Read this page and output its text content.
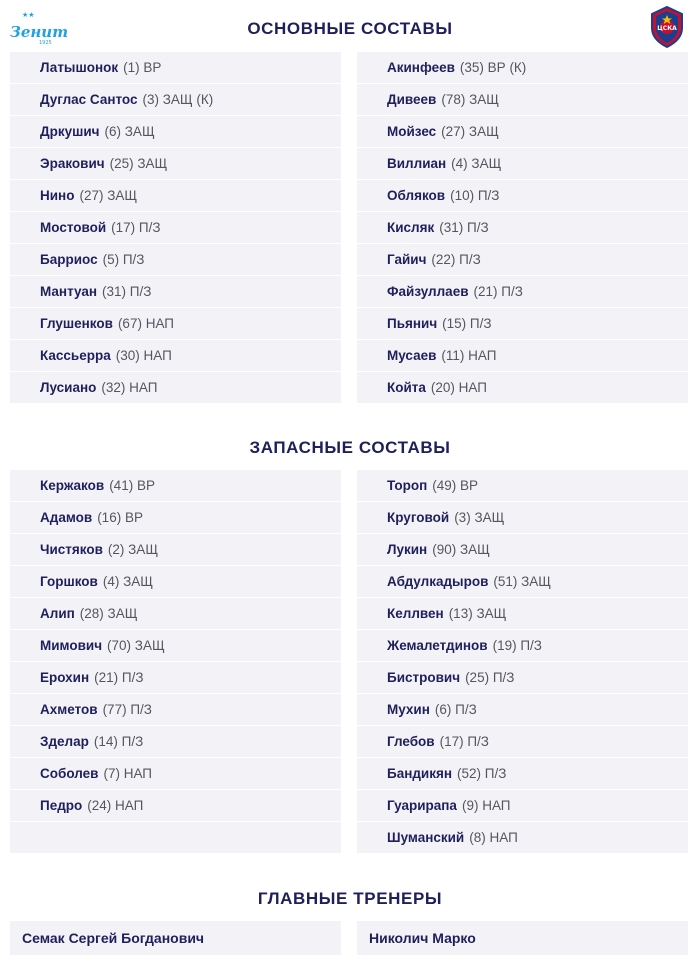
★★
Зенит
1925
ЦСКА
ОСНОВНЫЕ СОСТАВЫ
ЗАПАСНЫЕ СОСТАВЫ
ГЛАВНЫЕ ТРЕНЕРЫ
Латышонок (1) ВР
Дуглас Сантос (3) ЗАЩ (К)
Дркушич (6) ЗАЩ
Эракович (25) ЗАЩ
Нино (27) ЗАЩ
Мостовой (17) П/З
Барриос (5) П/З
Мантуан (31) П/З
Глушенков (67) НАП
Кассьерра (30) НАП
Лусиано (32) НАП
Акинфеев (35) ВР (К)
Дивеев (78) ЗАЩ
Мойзес (27) ЗАЩ
Виллиан (4) ЗАЩ
Обляков (10) П/З
Кисляк (31) П/З
Гайич (22) П/З
Файзуллаев (21) П/З
Пьянич (15) П/З
Мусаев (11) НАП
Койта (20) НАП
Кержаков (41) ВР
Адамов (16) ВР
Чистяков (2) ЗАЩ
Горшков (4) ЗАЩ
Алип (28) ЗАЩ
Мимович (70) ЗАЩ
Ерохин (21) П/З
Ахметов (77) П/З
Зделар (14) П/З
Соболев (7) НАП
Педро (24) НАП
Тороп (49) ВР
Круговой (3) ЗАЩ
Лукин (90) ЗАЩ
Абдулкадыров (51) ЗАЩ
Келлвен (13) ЗАЩ
Жемалетдинов (19) П/З
Бистрович (25) П/З
Мухин (6) П/З
Глебов (17) П/З
Бандикян (52) П/З
Гуарирапа (9) НАП
Шуманский (8) НАП
Семак Сергей Богданович	Николич Марко
